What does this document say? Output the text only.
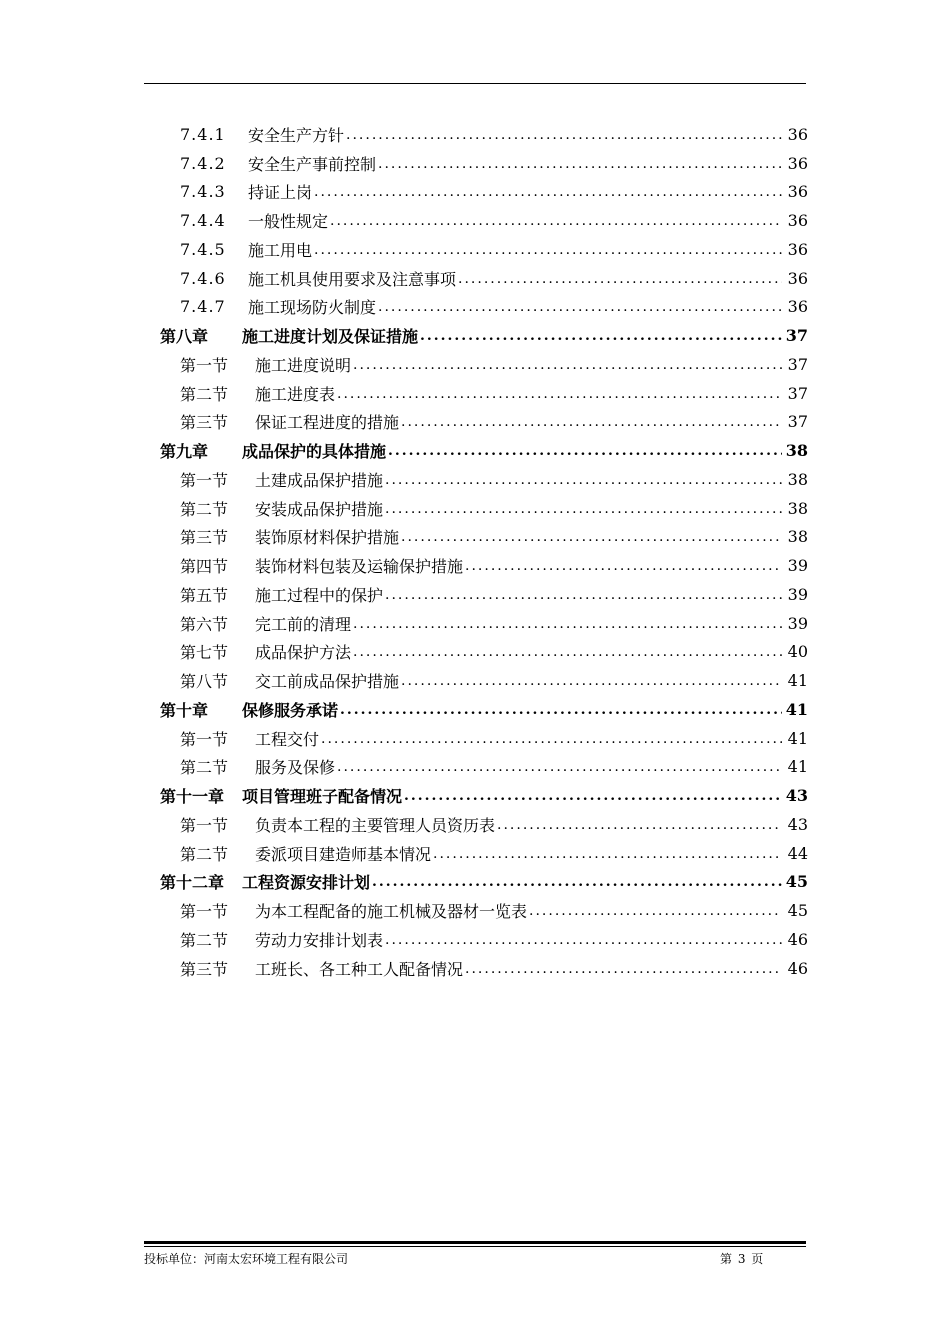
7.4.1	安全生产方针 .....	36
7.4.2	安全生产事前控制 .....	36
7.4.3	持证上岗 .....	36
7.4.4	一般性规定 .....	36
7.4.5	施工用电 .....	36
7.4.6	施工机具使用要求及注意事项 .....	36
7.4.7	施工现场防火制度 .....	36
第八章	施工进度计划及保证措施 .....	37
第一节	施工进度说明 .....	37
第二节	施工进度表 .....	37
第三节	保证工程进度的措施 .....	37
第九章	成品保护的具体措施 .....	38
第一节	土建成品保护措施 .....	38
第二节	安装成品保护措施 .....	38
第三节	装饰原材料保护措施 .....	38
第四节	装饰材料包装及运输保护措施 .....	39
第五节	施工过程中的保护 .....	39
第六节	完工前的清理 .....	39
第七节	成品保护方法 .....	40
第八节	交工前成品保护措施 .....	41
第十章	保修服务承诺 .....	41
第一节	工程交付 .....	41
第二节	服务及保修 .....	41
第十一章	项目管理班子配备情况 .....	43
第一节	负责本工程的主要管理人员资历表 .....	43
第二节	委派项目建造师基本情况 .....	44
第十二章	工程资源安排计划 .....	45
第一节	为本工程配备的施工机械及器材一览表 .....	45
第二节	劳动力安排计划表 .....	46
第三节	工班长、各工种工人配备情况 .....	46
投标单位：河南太宏环境工程有限公司	第 3 页
